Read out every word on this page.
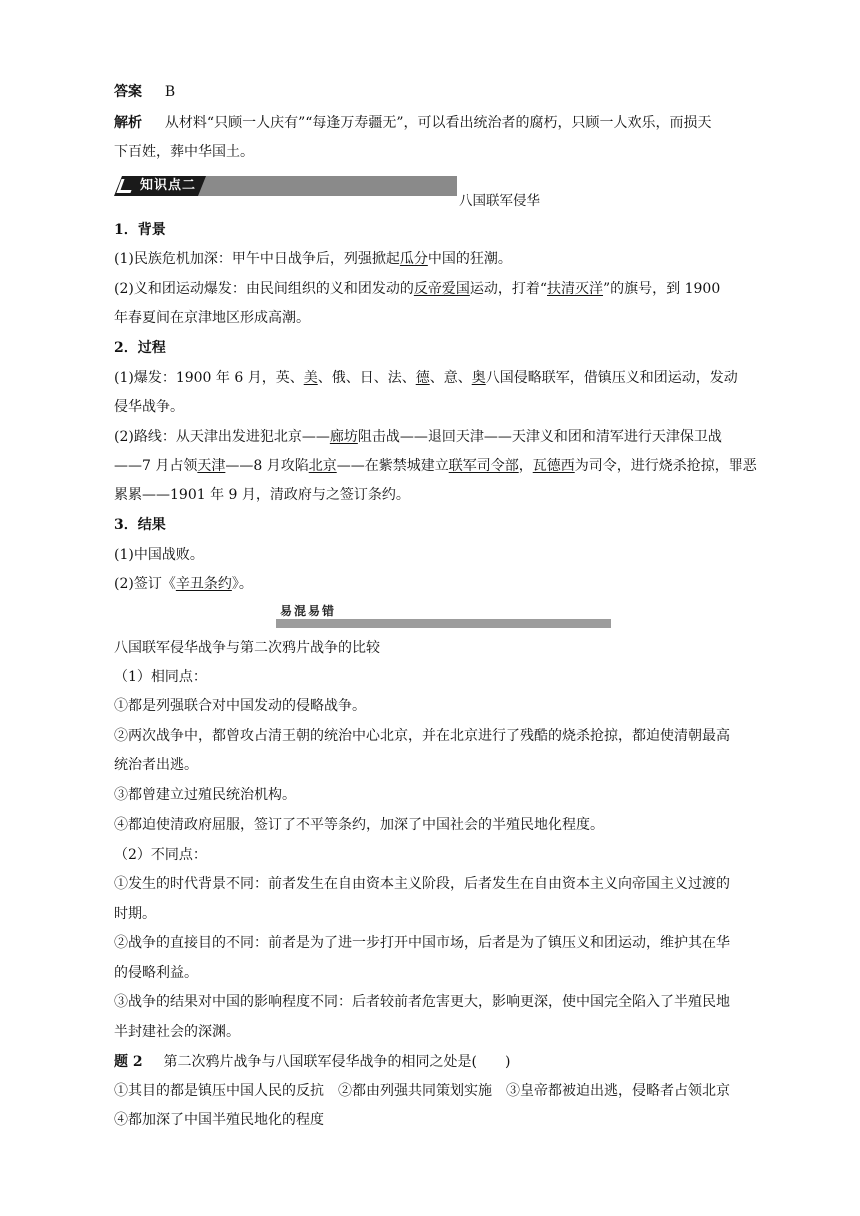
答案 B
解析 从材料“只顾一人庆有”“每逢万寿疆无”，可以看出统治者的腐朽，只顾一人欢乐，而损天
下百姓，葬中华国土。
知识点二
八国联军侵华
1．背景
(1)民族危机加深：甲午中日战争后，列强掀起瓜分中国的狂潮。
(2)义和团运动爆发：由民间组织的义和团发动的反帝爱国运动，打着“扶清灭洋”的旗号，到 1900
年春夏间在京津地区形成高潮。
2．过程
(1)爆发：1900 年 6 月，英、美、俄、日、法、德、意、奥八国侵略联军，借镇压义和团运动，发动
侵华战争。
(2)路线：从天津出发进犯北京——廊坊阻击战——退回天津——天津义和团和清军进行天津保卫战
——7 月占领天津——8 月攻陷北京——在紫禁城建立联军司令部，瓦德西为司令，进行烧杀抢掠，罪恶
累累——1901 年 9 月，清政府与之签订条约。
3．结果
(1)中国战败。
(2)签订《辛丑条约》。
易混易错
八国联军侵华战争与第二次鸦片战争的比较
（1）相同点：
①都是列强联合对中国发动的侵略战争。
②两次战争中，都曾攻占清王朝的统治中心北京，并在北京进行了残酷的烧杀抢掠，都迫使清朝最高
统治者出逃。
③都曾建立过殖民统治机构。
④都迫使清政府屈服，签订了不平等条约，加深了中国社会的半殖民地化程度。
（2）不同点：
①发生的时代背景不同：前者发生在自由资本主义阶段，后者发生在自由资本主义向帝国主义过渡的
时期。
②战争的直接目的不同：前者是为了进一步打开中国市场，后者是为了镇压义和团运动，维护其在华
的侵略利益。
③战争的结果对中国的影响程度不同：后者较前者危害更大，影响更深，使中国完全陷入了半殖民地
半封建社会的深渊。
题 2 第二次鸦片战争与八国联军侵华战争的相同之处是(　　)
①其目的都是镇压中国人民的反抗　②都由列强共同策划实施　③皇帝都被迫出逃，侵略者占领北京
④都加深了中国半殖民地化的程度
